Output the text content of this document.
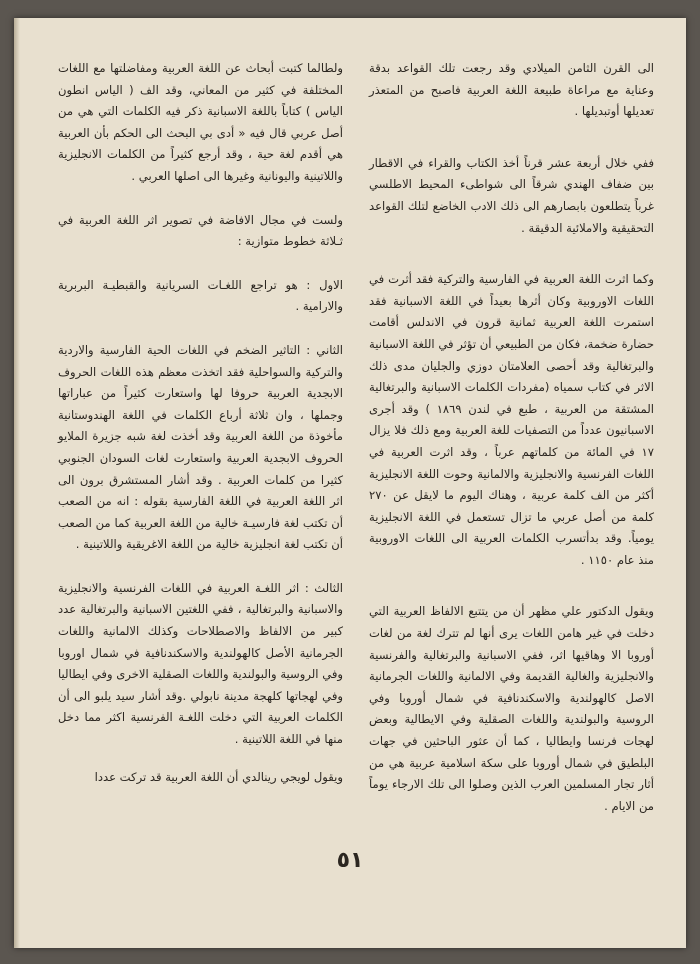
الى القرن الثامن الميلادي وقد رجعت تلك القواعد بدقة وعناية مع مراعاة طبيعة اللغة العربية فاصبح من المتعذر تعديلها أوتبديلها .

ففي خلال أربعة عشر قرناً أخذ الكتاب والقراء في الاقطار بين ضفاف الهندي شرقاً الى شواطىء المحيط الاطلسي غرباً يتطلعون بابصارهم الى ذلك الادب الخاضع لتلك القواعد التحقيقية والاملائية الدقيقة .

وكما اثرت اللغة العربية في الفارسية والتركية فقد أثرت في اللغات الاوروبية وكان أثرها بعيداً في اللغة الاسبانية فقد استمرت اللغة العربية ثمانية قرون في الاندلس أقامت حضارة ضخمة، فكان من الطبيعي أن تؤثر في اللغة الاسبانية والبرتغالية وقد أحصى العلامتان دوزي والجليان مدى ذلك الاثر في كتاب سمياه (مفردات الكلمات الاسبانية والبرتغالية المشتقة من العربية ، طبع في لندن ١٨٦٩ ) وقد أجرى الاسبانيون عدداً من التصفيات للغة العربية ومع ذلك فلا يزال ١٧ في المائة من كلماتهم عرباً ، وقد اثرت العربية في اللغات الفرنسية والانجليزية والالمانية وحوت اللغة الانجليزية أكثر من الف كلمة عربية ، وهناك اليوم ما لايقل عن ٢٧٠ كلمة من أصل عربي ما تزال تستعمل في اللغة الانجليزية يومياً. وقد بدأتسرب الكلمات العربية الى اللغات الاوروبية منذ عام ١١٥٠ .

ويقول الدكتور علي مظهر أن من يتتبع الالفاظ العربية التي دخلت في غير هامن اللغات يرى أنها لم تترك لغة من لغات أوروبا الا وهاقيها اثر، ففي الاسبانية والبرتغالية والفرنسية والانجليزية والغالية القديمة وفي الالمانية واللغات الجرمانية الاصل كالهولندية والاسكندنافية في شمال أوروبا وفي الروسية والبولندية واللغات الصقلية وفي الايطالية وبعض لهجات فرنسا وايطاليا ، كما أن عثور الباحثين في جهات البلطيق في شمال أوروبا على سكة اسلامية عربية هي من أثار تجار المسلمين العرب الذين وصلوا الى تلك الارجاء يوماً من الايام .

ولطالما كتبت أبحاث عن اللغة العربية ومفاضلتها مع اللغات المختلفة في كثير من المعاني، وقد الف ( الياس انطون الياس ) كتاباً باللغة الاسبانية ذكر فيه الكلمات التي هي من أصل عربي قال فيه « أدى بي البحث الى الحكم بأن العربية هي أقدم لغة حية ، وقد أرجع كثيراً من الكلمات الانجليزية واللاتينية واليونانية وغيرها الى اصلها العربي .

ولست في مجال الافاضة في تصوير اثر اللغة العربية في ثـلاثة خطوط متوازية :

الاول : هو تراجع اللغـات السريانية والقبطيـة البربرية والارامية .

الثاني : التاثير الضخم في اللغات الحية الفارسية والاردية والتركية والسواحلية فقد اتخذت معظم هذه اللغات الحروف الابجدية العربية حروفا لها واستعارت كثيراً من عباراتها وجملها ، وان ثلاثة أرباع الكلمات في اللغة الهندوستانية مأخوذة من اللغة العربية وقد أخذت لغة شبه جزيرة الملايو الحروف الابجدية العربية واستعارت لغات السودان الجنوبي كثيرا من كلمات العربية . وقد أشار المستشرق برون الى اثر اللغة العربية في اللغة الفارسية بقوله : انه من الصعب أن تكتب لغة فارسيـة خالية من اللغة العربية كما من الصعب أن تكتب لغة انجليزية خالية من اللغة الاغريقية واللاتينية .

الثالث : اثر اللغـة العربية في اللغات الفرنسية والانجليزية والاسبانية والبرتغالية ، ففي اللغتين الاسبانية والبرتغالية عدد كبير من الالفاظ والاصطلاحات وكذلك الالمانية واللغات الجرمانية الأصل كالهولندية والاسكندنافية في شمال اوروبا وفي الروسية والبولندية واللغات الصقلية الاخرى وفي ايطاليا وفي لهجاتها كلهجة مدينة نابولي .وقد أشار سيد يلبو الى أن الكلمات العربية التي دخلت اللغـة الفرنسية اكثر مما دخل منها في اللغة اللاتينية .

ويقول لويجي رينالدي أن اللغة العربية قد تركت عددا

٥١
